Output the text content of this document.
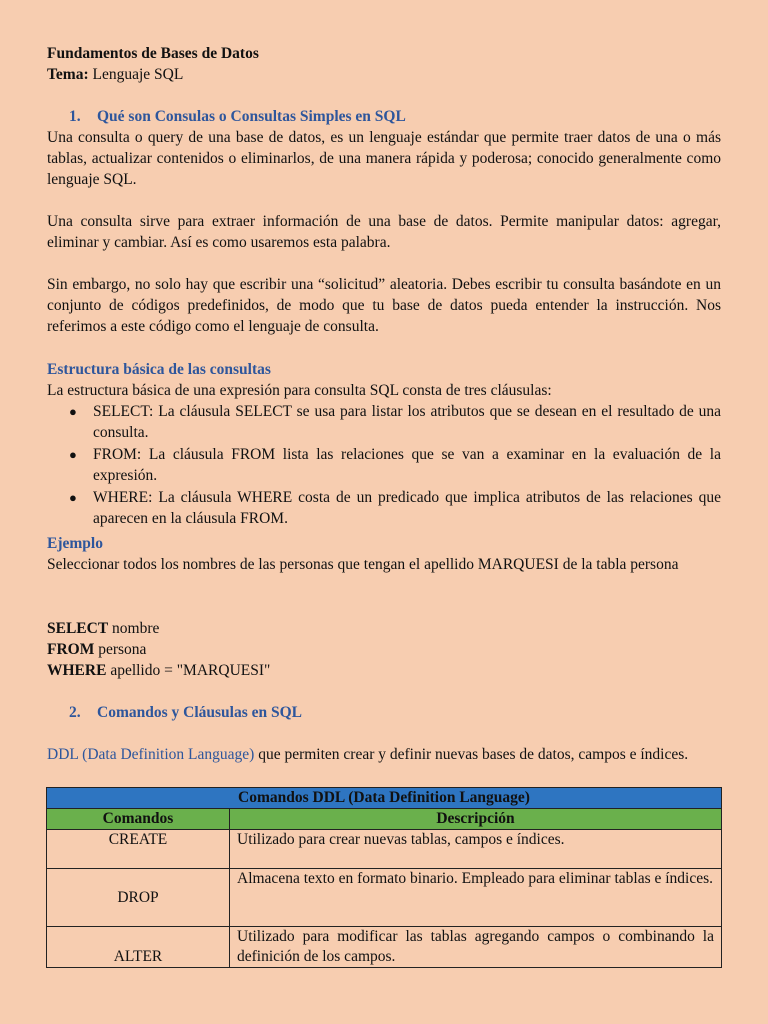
Fundamentos de Bases de Datos
Tema: Lenguaje SQL
1. Qué son Consulas o Consultas Simples en SQL

Una consulta o query de una base de datos, es un lenguaje estándar que permite traer datos de una o más tablas, actualizar contenidos o eliminarlos, de una manera rápida y poderosa; conocido generalmente como lenguaje SQL.

Una consulta sirve para extraer información de una base de datos. Permite manipular datos: agregar, eliminar y cambiar. Así es como usaremos esta palabra.

Sin embargo, no solo hay que escribir una “solicitud” aleatoria. Debes escribir tu consulta basándote en un conjunto de códigos predefinidos, de modo que tu base de datos pueda entender la instrucción. Nos referimos a este código como el lenguaje de consulta.

Estructura básica de las consultas
La estructura básica de una expresión para consulta SQL consta de tres cláusulas:
● SELECT: La cláusula SELECT se usa para listar los atributos que se desean en el resultado de una consulta.
● FROM: La cláusula FROM lista las relaciones que se van a examinar en la evaluación de la expresión.
● WHERE: La cláusula WHERE costa de un predicado que implica atributos de las relaciones que aparecen en la cláusula FROM.
Ejemplo
Seleccionar todos los nombres de las personas que tengan el apellido MARQUESI de la tabla persona
SELECT nombre
FROM persona
WHERE apellido = "MARQUESI"
2. Comandos y Cláusulas en SQL
DDL (Data Definition Language) que permiten crear y definir nuevas bases de datos, campos e índices.
Comandos DDL (Data Definition Language)	
Comandos	Descripción
CREATE	Utilizado para crear nuevas tablas, campos e índices.
DROP	Almacena texto en formato binario. Empleado para eliminar tablas e índices.
ALTER	Utilizado para modificar las tablas agregando campos o combinando la definición de los campos.
